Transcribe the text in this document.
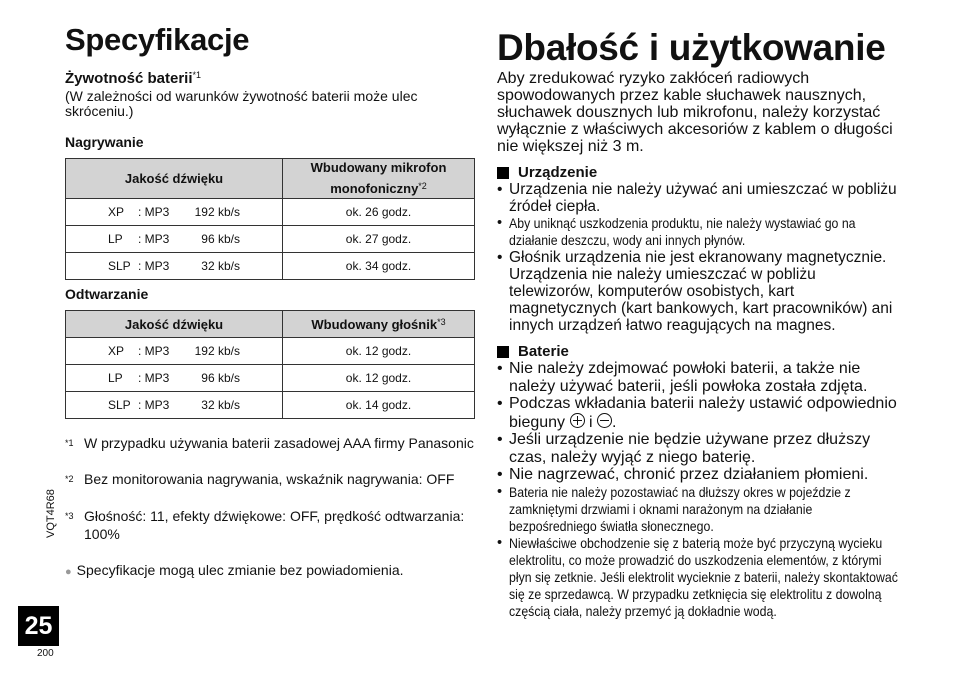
Specyfikacje
Żywotność baterii$^{*1}$
(W zależności od warunków żywotność baterii może ulec skróceniu.)
Nagrywanie
Jakość dźwięku	Wbudowany mikrofon monofoniczny$^{*2}$
XP : MP3 192 kb/s	ok. 26 godz.
LP : MP3 96 kb/s	ok. 27 godz.
SLP : MP3 32 kb/s	ok. 34 godz.
Odtwarzanie
Jakość dźwięku	Wbudowany głośnik$^{*3}$
XP : MP3 192 kb/s	ok. 12 godz.
LP : MP3 96 kb/s	ok. 12 godz.
SLP : MP3 32 kb/s	ok. 14 godz.
*1 W przypadku używania baterii zasadowej AAA firmy Panasonic
*2 Bez monitorowania nagrywania, wskaźnik nagrywania: OFF
*3 Głośność: 11, efekty dźwiękowe: OFF, prędkość odtwarzania: 100%
● Specyfikacje mogą ulec zmianie bez powiadomienia.
VQT4R68
25
200
Dbałość i użytkowanie
Aby zredukować ryzyko zakłóceń radiowych spowodowanych przez kable słuchawek nausznych, słuchawek dousznych lub mikrofonu, należy korzystać wyłącznie z właściwych akcesoriów z kablem o długości nie większej niż 3 m.
Urządzenie
• Urządzenia nie należy używać ani umieszczać w pobliżu źródeł ciepła.
• Aby uniknąć uszkodzenia produktu, nie należy wystawiać go na działanie deszczu, wody ani innych płynów.
• Głośnik urządzenia nie jest ekranowany magnetycznie. Urządzenia nie należy umieszczać w pobliżu telewizorów, komputerów osobistych, kart magnetycznych (kart bankowych, kart pracowników) ani innych urządzeń łatwo reagujących na magnes.
Baterie
• Nie należy zdejmować powłoki baterii, a także nie należy używać baterii, jeśli powłoka została zdjęta.
• Podczas wkładania baterii należy ustawić odpowiednio bieguny i .
• Jeśli urządzenie nie będzie używane przez dłuższy czas, należy wyjąć z niego baterię.
• Nie nagrzewać, chronić przez działaniem płomieni.
• Bateria nie należy pozostawiać na dłuższy okres w pojeździe z zamkniętymi drzwiami i oknami narażonym na działanie bezpośredniego światła słonecznego.
• Niewłaściwe obchodzenie się z baterią może być przyczyną wycieku elektrolitu, co może prowadzić do uszkodzenia elementów, z którymi płyn się zetknie. Jeśli elektrolit wycieknie z baterii, należy skontaktować się ze sprzedawcą. W przypadku zetknięcia się elektrolitu z dowolną częścią ciała, należy przemyć ją dokładnie wodą.
